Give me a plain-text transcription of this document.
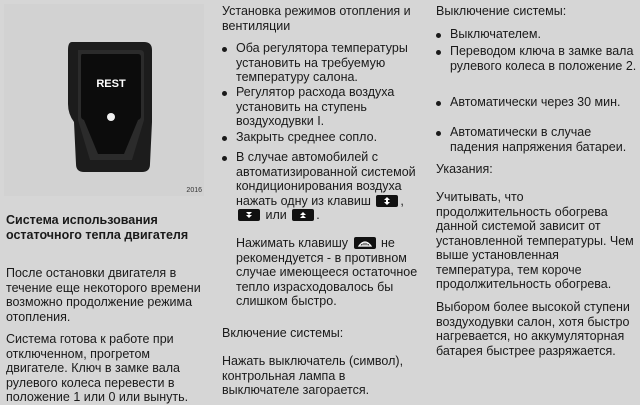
REST
2016

Система использования остаточного тепла двигателя

После остановки двигателя в течение еще некоторого времени возможно продолжение режима отопления.

Система готова к работе при отключенном, прогретом двигателе. Ключ в замке вала рулевого колеса перевести в положение 1 или 0 или вынуть.

Установка режимов отопления и вентиляции

Оба регулятора температуры установить на требуемую температуру салона.
Регулятор расхода воздуха установить на ступень воздуходувки I.
Закрыть среднее сопло.
В случае автомобилей с автоматизированной системой кондиционирования воздуха нажать одну из клавиш ,
или .

Нажимать клавишу	не рекомендуется - в противном случае имеющееся остаточное тепло израсходовалось бы слишком быстро.

Включение системы:

Нажать выключатель (символ), контрольная лампа в выключателе загорается.

Выключение системы:

Выключателем.
Переводом ключа в замке вала рулевого колеса в положение 2.
Автоматически через 30 мин.
Автоматически в случае падения напряжения батареи.

Указания:

Учитывать, что продолжительность обогрева данной системой зависит от установленной температуры. Чем выше установленная температура, тем короче продолжительность обогрева.

Выбором более высокой ступени воздуходувки салон, хотя быстро нагревается, но аккумуляторная батарея быстрее разряжается.
